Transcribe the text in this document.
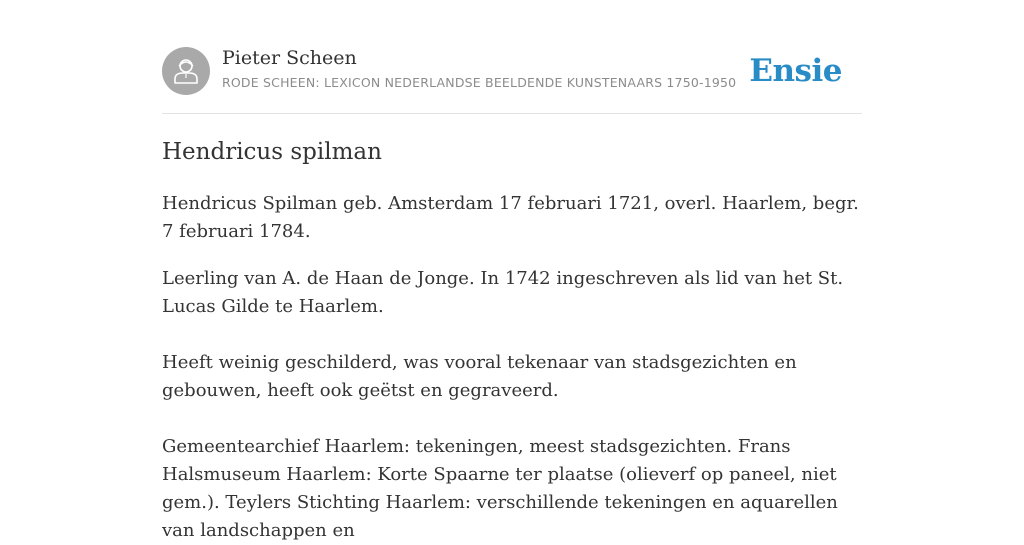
Pieter Scheen
RODE SCHEEN: LEXICON NEDERLANDSE BEELDENDE KUNSTENAARS 1750-1950 Ensie
Hendricus spilman

Hendricus Spilman geb. Amsterdam 17 februari 1721, overl. Haarlem, begr. 7 februari 1784.

Leerling van A. de Haan de Jonge. In 1742 ingeschreven als lid van het St. Lucas Gilde te Haarlem.

Heeft weinig geschilderd, was vooral tekenaar van stadsgezichten en gebouwen, heeft ook geëtst en gegraveerd.

Gemeentearchief Haarlem: tekeningen, meest stadsgezichten. Frans Halsmuseum Haarlem: Korte Spaarne ter plaatse (olieverf op paneel, niet gem.). Teylers Stichting Haarlem: verschillende tekeningen en aquarellen van landschappen en
